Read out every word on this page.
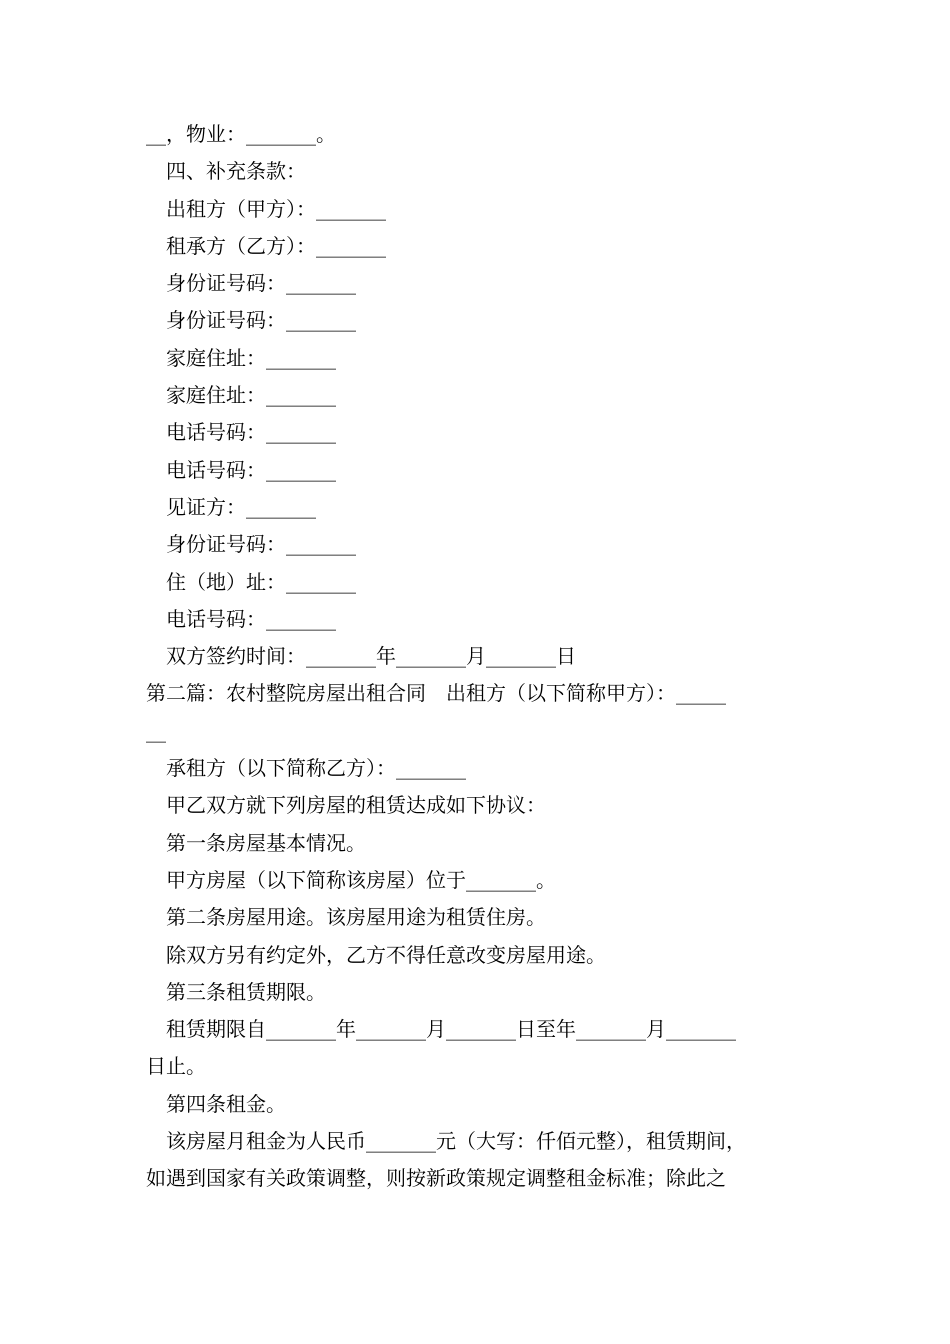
__，物业：_______。
四、补充条款：
出租方（甲方）：_______
租承方（乙方）：_______
身份证号码：_______
身份证号码：_______
家庭住址：_______
家庭住址：_______
电话号码：_______
电话号码：_______
见证方：_______
身份证号码：_______
住（地）址：_______
电话号码：_______
双方签约时间：_______年_______月_______日
第二篇：农村整院房屋出租合同　出租方（以下简称甲方）：_____
__
承租方（以下简称乙方）：_______
甲乙双方就下列房屋的租赁达成如下协议：
第一条房屋基本情况。
甲方房屋（以下简称该房屋）位于_______。
第二条房屋用途。该房屋用途为租赁住房。
除双方另有约定外，乙方不得任意改变房屋用途。
第三条租赁期限。
租赁期限自_______年_______月_______日至年_______月_______
日止。
第四条租金。
该房屋月租金为人民币_______元（大写：仟佰元整），租赁期间，
如遇到国家有关政策调整，则按新政策规定调整租金标准；除此之
